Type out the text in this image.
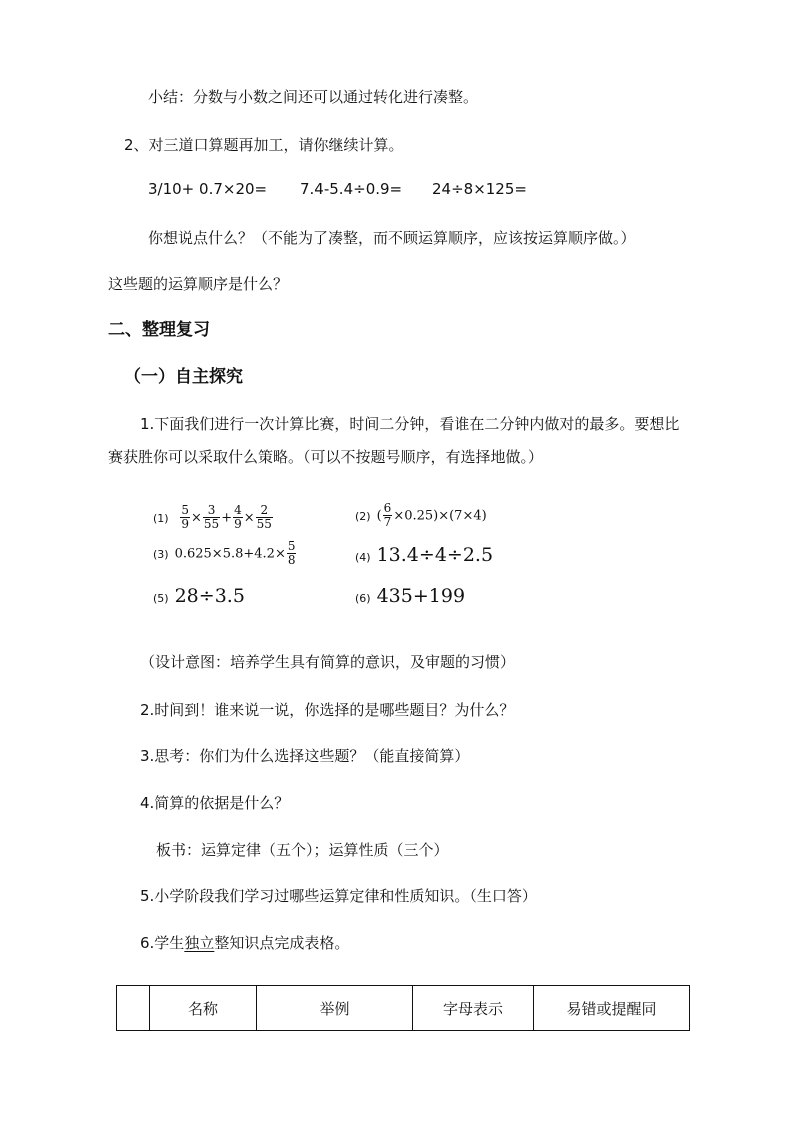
小结：分数与小数之间还可以通过转化进行凑整。
2、对三道口算题再加工，请你继续计算。
3/10+ 0.7×20= 7.4-5.4÷0.9= 24÷8×125=
你想说点什么？（不能为了凑整，而不顾运算顺序，应该按运算顺序做。）
这些题的运算顺序是什么？
二、整理复习
（一）自主探究
1.下面我们进行一次计算比赛，时间二分钟，看谁在二分钟内做对的最多。要想比
赛获胜你可以采取什么策略。（可以不按题号顺序，有选择地做。）
$(1) \frac{5}{9} \times \frac{3}{55} + \frac{4}{9} \times \frac{2}{55}$	(2) ( $\frac{6}{7} \times 0.25)\times(7\times 4)$
(3) $0.625\times 5.8+4.2\times \frac{5}{8}$	(4) 13.4÷4÷2.5
(5) 28÷3.5	(6) 435+199
（设计意图：培养学生具有简算的意识，及审题的习惯）
2.时间到！谁来说一说，你选择的是哪些题目？为什么？
3.思考：你们为什么选择这些题？（能直接简算）
4.简算的依据是什么？
板书：运算定律（五个）；运算性质（三个）
5.小学阶段我们学习过哪些运算定律和性质知识。（生口答）
6.学生独立整知识点完成表格。
	名称	举例	字母表示	易错或提醒同
